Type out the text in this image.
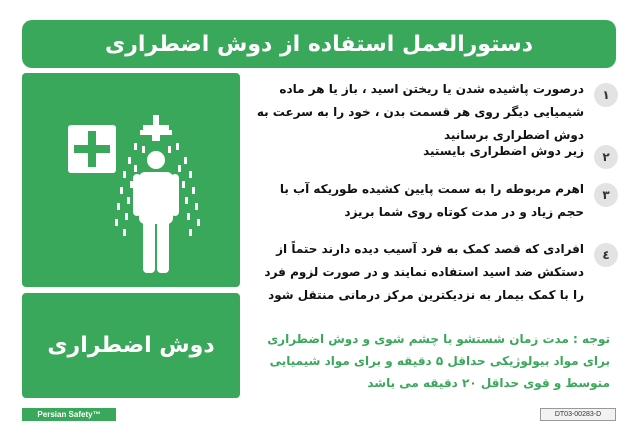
دستورالعمل استفاده از دوش اضطراری
دوش اضطراری
۱
درصورت پاشیده شدن یا ریختن اسید ، باز یا هر ماده شیمیایی دیگر روی هر قسمت بدن ، خود را به سرعت به دوش اضطراری برسانید
۲
زیر دوش اضطراری بایستید
۳
اهرم مربوطه را به سمت پایین کشیده طوریکه آب با حجم زیاد و در مدت کوتاه روی شما بریزد
٤
افرادی که قصد کمک به فرد آسیب دیده دارند حتماً از دستکش ضد اسید استفاده نمایند و در صورت لزوم فرد را با کمک بیمار به نزدیکترین مرکز درمانی منتقل شود
توجه : مدت زمان شستشو با چشم شوی و دوش اضطراری برای مواد بیولوژیکی حداقل ۵ دقیقه و برای مواد شیمیایی متوسط و قوی حداقل ۲۰ دقیقه می باشد
Persian Safety™	DT03-00283-D
